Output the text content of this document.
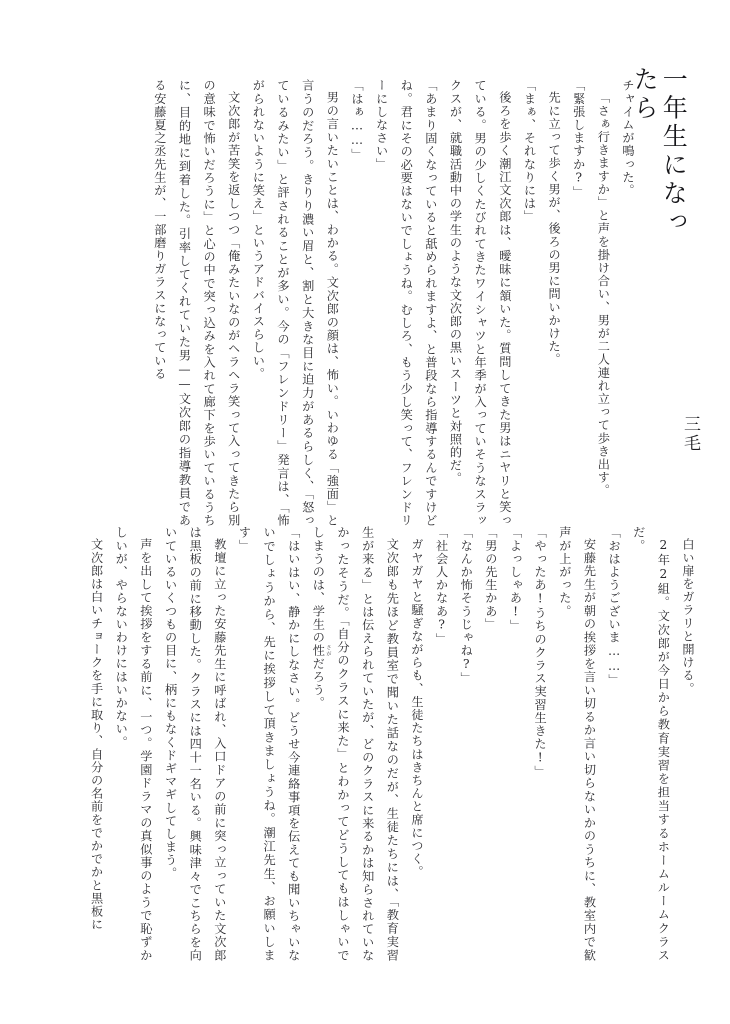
一年生になったら
三毛

チャイムが鳴った。

「さぁ行きますか」と声を掛け合い、男が二人連れ立って歩き出す。

「緊張しますか?」

先に立って歩く男が、後ろの男に問いかけた。

「まぁ、それなりには」

後ろを歩く潮江文次郎は、曖昧に頷いた。質問してきた男はニヤリと笑っている。男の少しくたびれてきたワイシャツと年季が入っていそうなスラックスが、就職活動中の学生のような文次郎の黒いスーツと対照的だ。

「あまり固くなっていると舐められますよ、と普段なら指導するんですけどね。君にその必要はないでしょうね。むしろ、もう少し笑って、フレンドリーにしなさい」

「はぁ……」

男の言いたいことは、わかる。文次郎の顔は、怖い。いわゆる「強面」と言うのだろう。きりり濃い眉と、割と大きな目に迫力があるらしく、「怒っているみたい」と評されることが多い。今の「フレンドリー」発言は、「怖がられないように笑え」というアドバイスらしい。

文次郎が苦笑を返しつつ「俺みたいなのがヘラヘラ笑って入ってきたら別の意味で怖いだろうに」と心の中で突っ込みを入れて廊下を歩いているうちに、目的地に到着した。引率してくれていた男——文次郎の指導教員である安藤夏之丞先生が、一部磨りガラスになっている

白い扉をガラリと開ける。

2年2組。文次郎が今日から教育実習を担当するホームルームクラスだ。

「おはようございま……」

安藤先生が朝の挨拶を言い切るか言い切らないかのうちに、教室内で歓声が上がった。

「やったあ!うちのクラス実習生きた!」

「よっしゃあ!」

「男の先生かあ」

「なんか怖そうじゃね?」

「社会人かなあ?」

ガヤガヤと騒ぎながらも、生徒たちはきちんと席につく。

文次郎も先ほど教員室で聞いた話なのだが、生徒たちには、「教育実習生が来る」とは伝えられていたが、どのクラスに来るかは知らされていなかったそうだ。「自分のクラスに来た」とわかってどうしてもはしゃいでしまうのは、学生の性 さがだろう。

「はいはい、静かにしなさい。どうせ今連絡事項を伝えても聞いちゃいないでしょうから、先に挨拶して頂きましょうね。潮江先生、お願いします」

教壇に立った安藤先生に呼ばれ、入口ドアの前に突っ立っていた文次郎は黒板の前に移動した。クラスには四十一名いる。興味津々でこちらを向いているいくつもの目に、柄にもなくドギマギしてしまう。

声を出して挨拶をする前に、一つ。学園ドラマの真似事のようで恥ずかしいが、やらないわけにはいかない。

文次郎は白いチョークを手に取り、自分の名前をでかでかと黒板に
